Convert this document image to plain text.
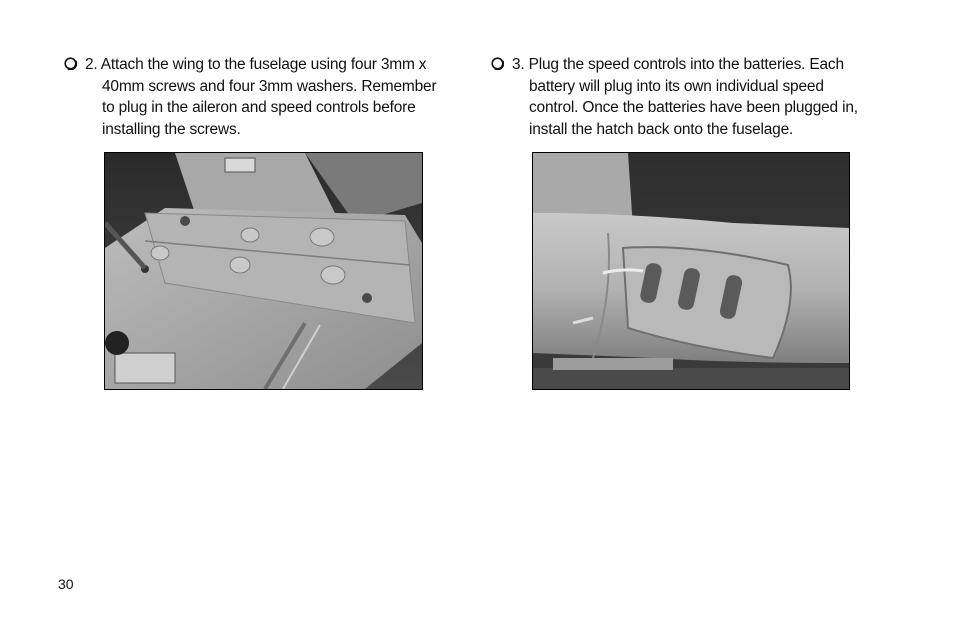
2. Attach the wing to the fuselage using four 3mm x
40mm screws and four 3mm washers. Remember
to plug in the aileron and speed controls before
installing the screws.
3. Plug the speed controls into the batteries. Each
battery will plug into its own individual speed
control. Once the batteries have been plugged in,
install the hatch back onto the fuselage.
30
